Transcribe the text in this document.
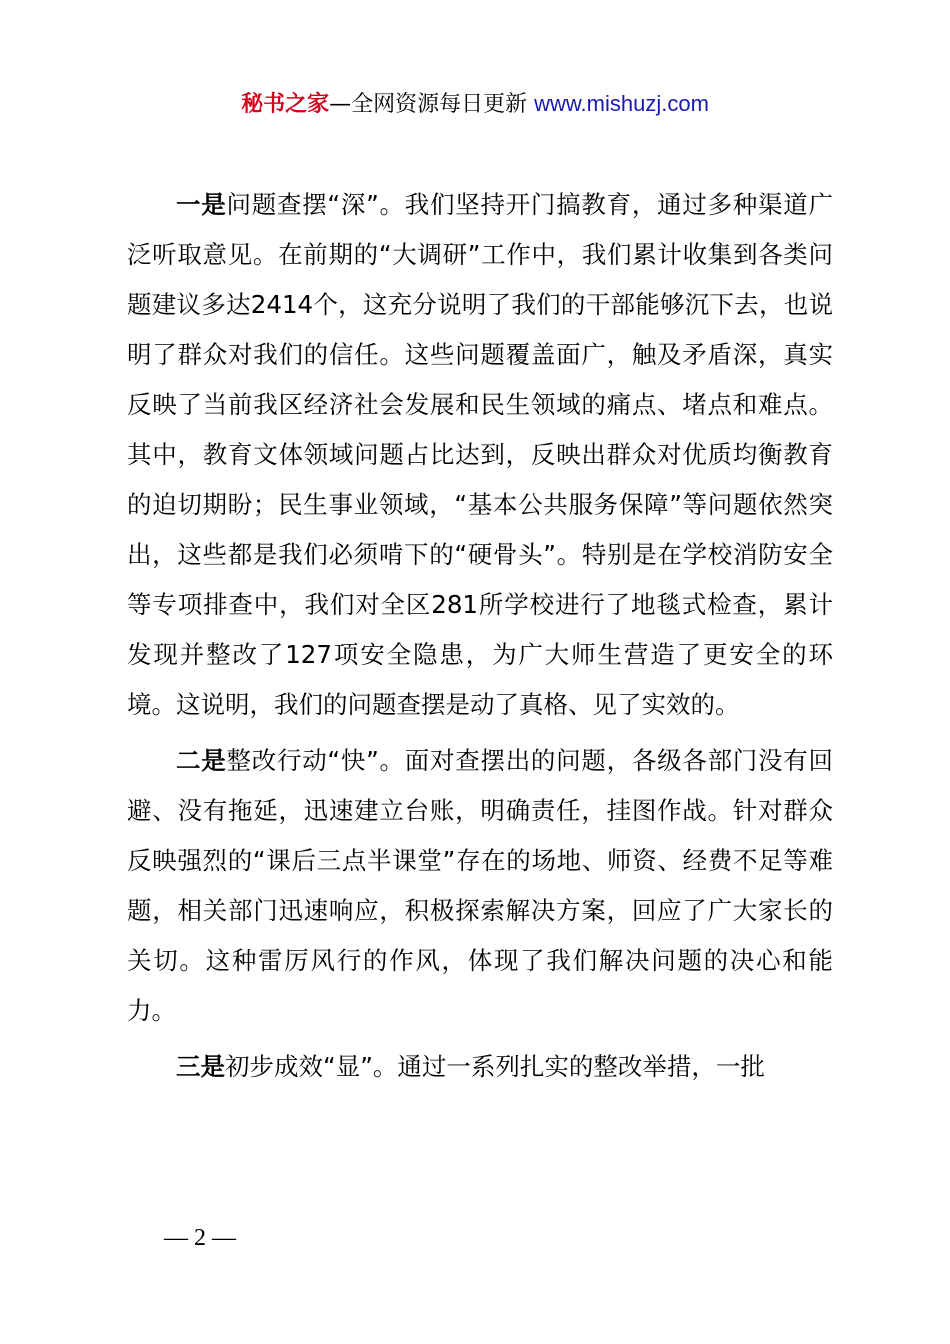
秘书之家—全网资源每日更新 www.mishuzj.com

一是问题查摆“深”。我们坚持开门搞教育，通过多种渠道广泛听取意见。在前期的“大调研”工作中，我们累计收集到各类问题建议多达2414个，这充分说明了我们的干部能够沉下去，也说明了群众对我们的信任。这些问题覆盖面广，触及矛盾深，真实反映了当前我区经济社会发展和民生领域的痛点、堵点和难点。其中，教育文体领域问题占比达到，反映出群众对优质均衡教育的迫切期盼；民生事业领域，“基本公共服务保障”等问题依然突出，这些都是我们必须啃下的“硬骨头”。特别是在学校消防安全等专项排查中，我们对全区281所学校进行了地毯式检查，累计发现并整改了127项安全隐患，为广大师生营造了更安全的环境。这说明，我们的问题查摆是动了真格、见了实效的。

二是整改行动“快”。面对查摆出的问题，各级各部门没有回避、没有拖延，迅速建立台账，明确责任，挂图作战。针对群众反映强烈的“课后三点半课堂”存在的场地、师资、经费不足等难题，相关部门迅速响应，积极探索解决方案，回应了广大家长的关切。这种雷厉风行的作风，体现了我们解决问题的决心和能力。

三是初步成效“显”。通过一系列扎实的整改举措，一批

— 2 —
